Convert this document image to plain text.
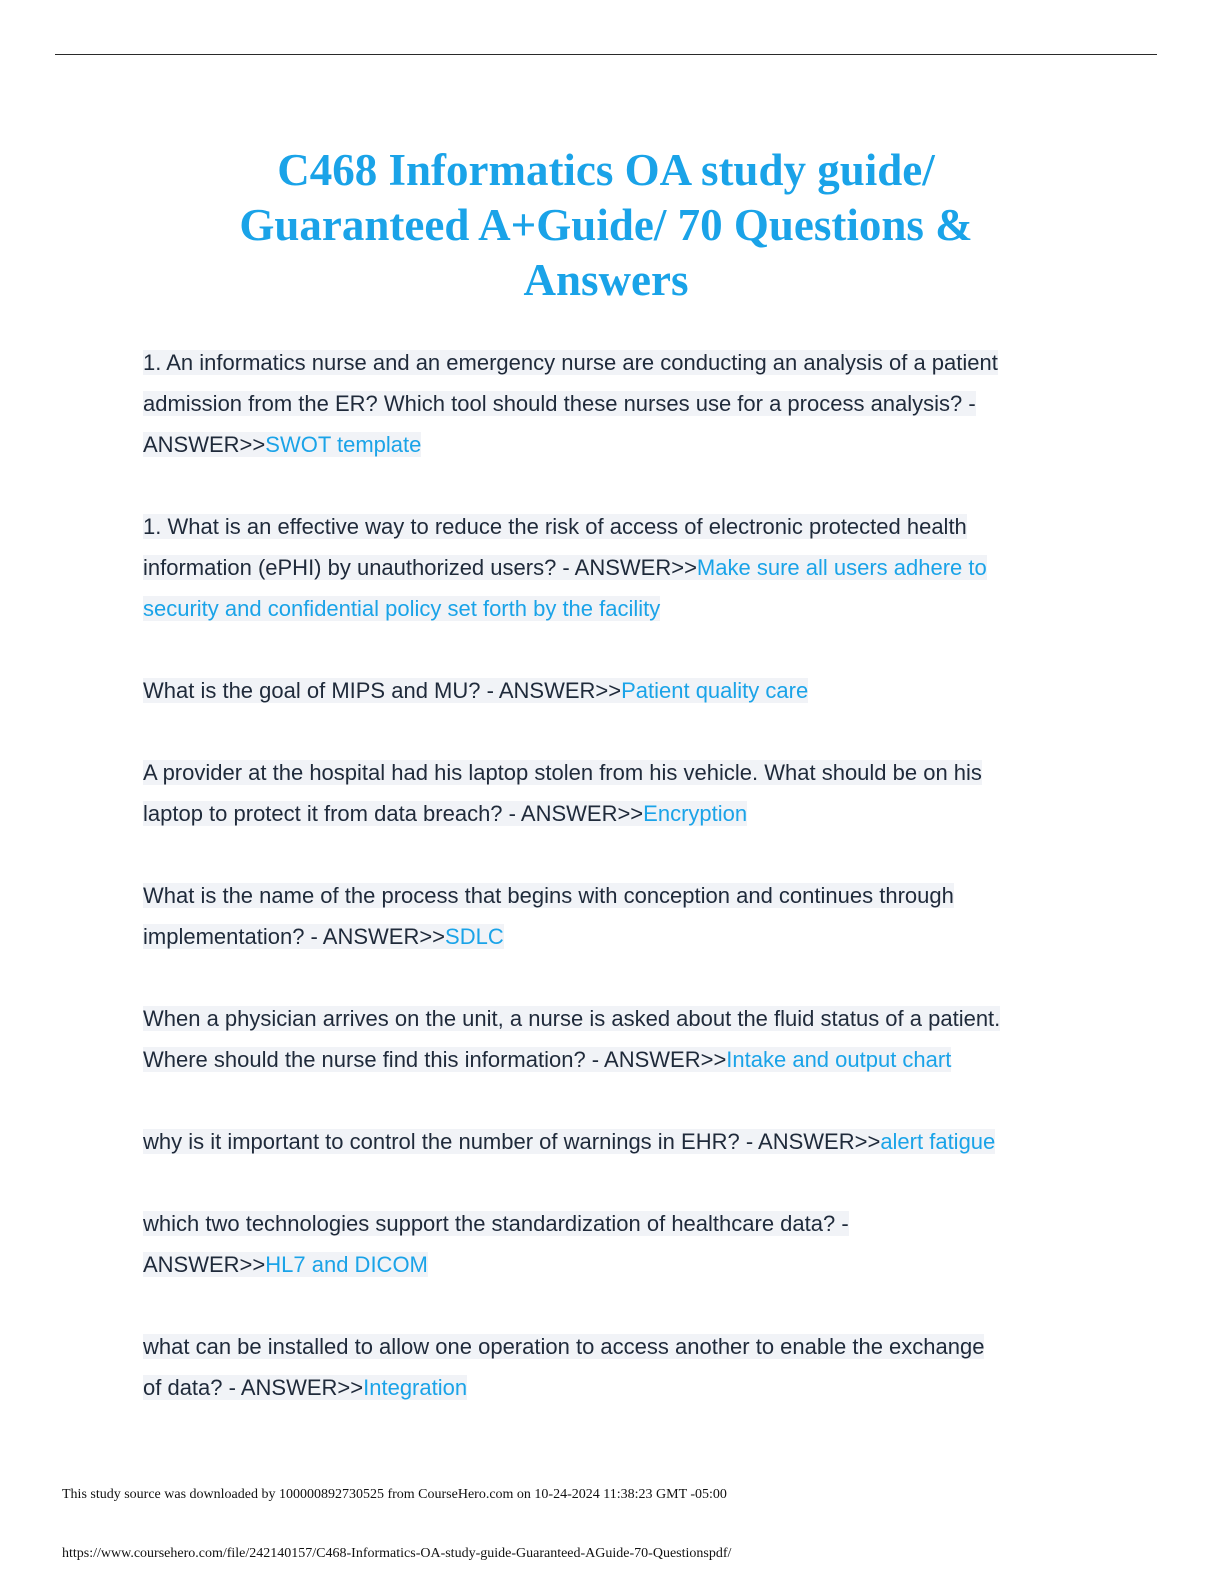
C468 Informatics OA study guide/
Guaranteed A+Guide/ 70 Questions &
Answers
1. An informatics nurse and an emergency nurse are conducting an analysis of a patient
admission from the ER? Which tool should these nurses use for a process analysis? -
ANSWER>>SWOT template
1. What is an effective way to reduce the risk of access of electronic protected health
information (ePHI) by unauthorized users? - ANSWER>>Make sure all users adhere to
security and confidential policy set forth by the facility
What is the goal of MIPS and MU? - ANSWER>>Patient quality care
A provider at the hospital had his laptop stolen from his vehicle. What should be on his
laptop to protect it from data breach? - ANSWER>>Encryption
What is the name of the process that begins with conception and continues through
implementation? - ANSWER>>SDLC
When a physician arrives on the unit, a nurse is asked about the fluid status of a patient.
Where should the nurse find this information? - ANSWER>>Intake and output chart
why is it important to control the number of warnings in EHR? - ANSWER>>alert fatigue
which two technologies support the standardization of healthcare data? -
ANSWER>>HL7 and DICOM
what can be installed to allow one operation to access another to enable the exchange
of data? - ANSWER>>Integration
This study source was downloaded by 100000892730525 from CourseHero.com on 10-24-2024 11:38:23 GMT -05:00
https://www.coursehero.com/file/242140157/C468-Informatics-OA-study-guide-Guaranteed-AGuide-70-Questionspdf/
